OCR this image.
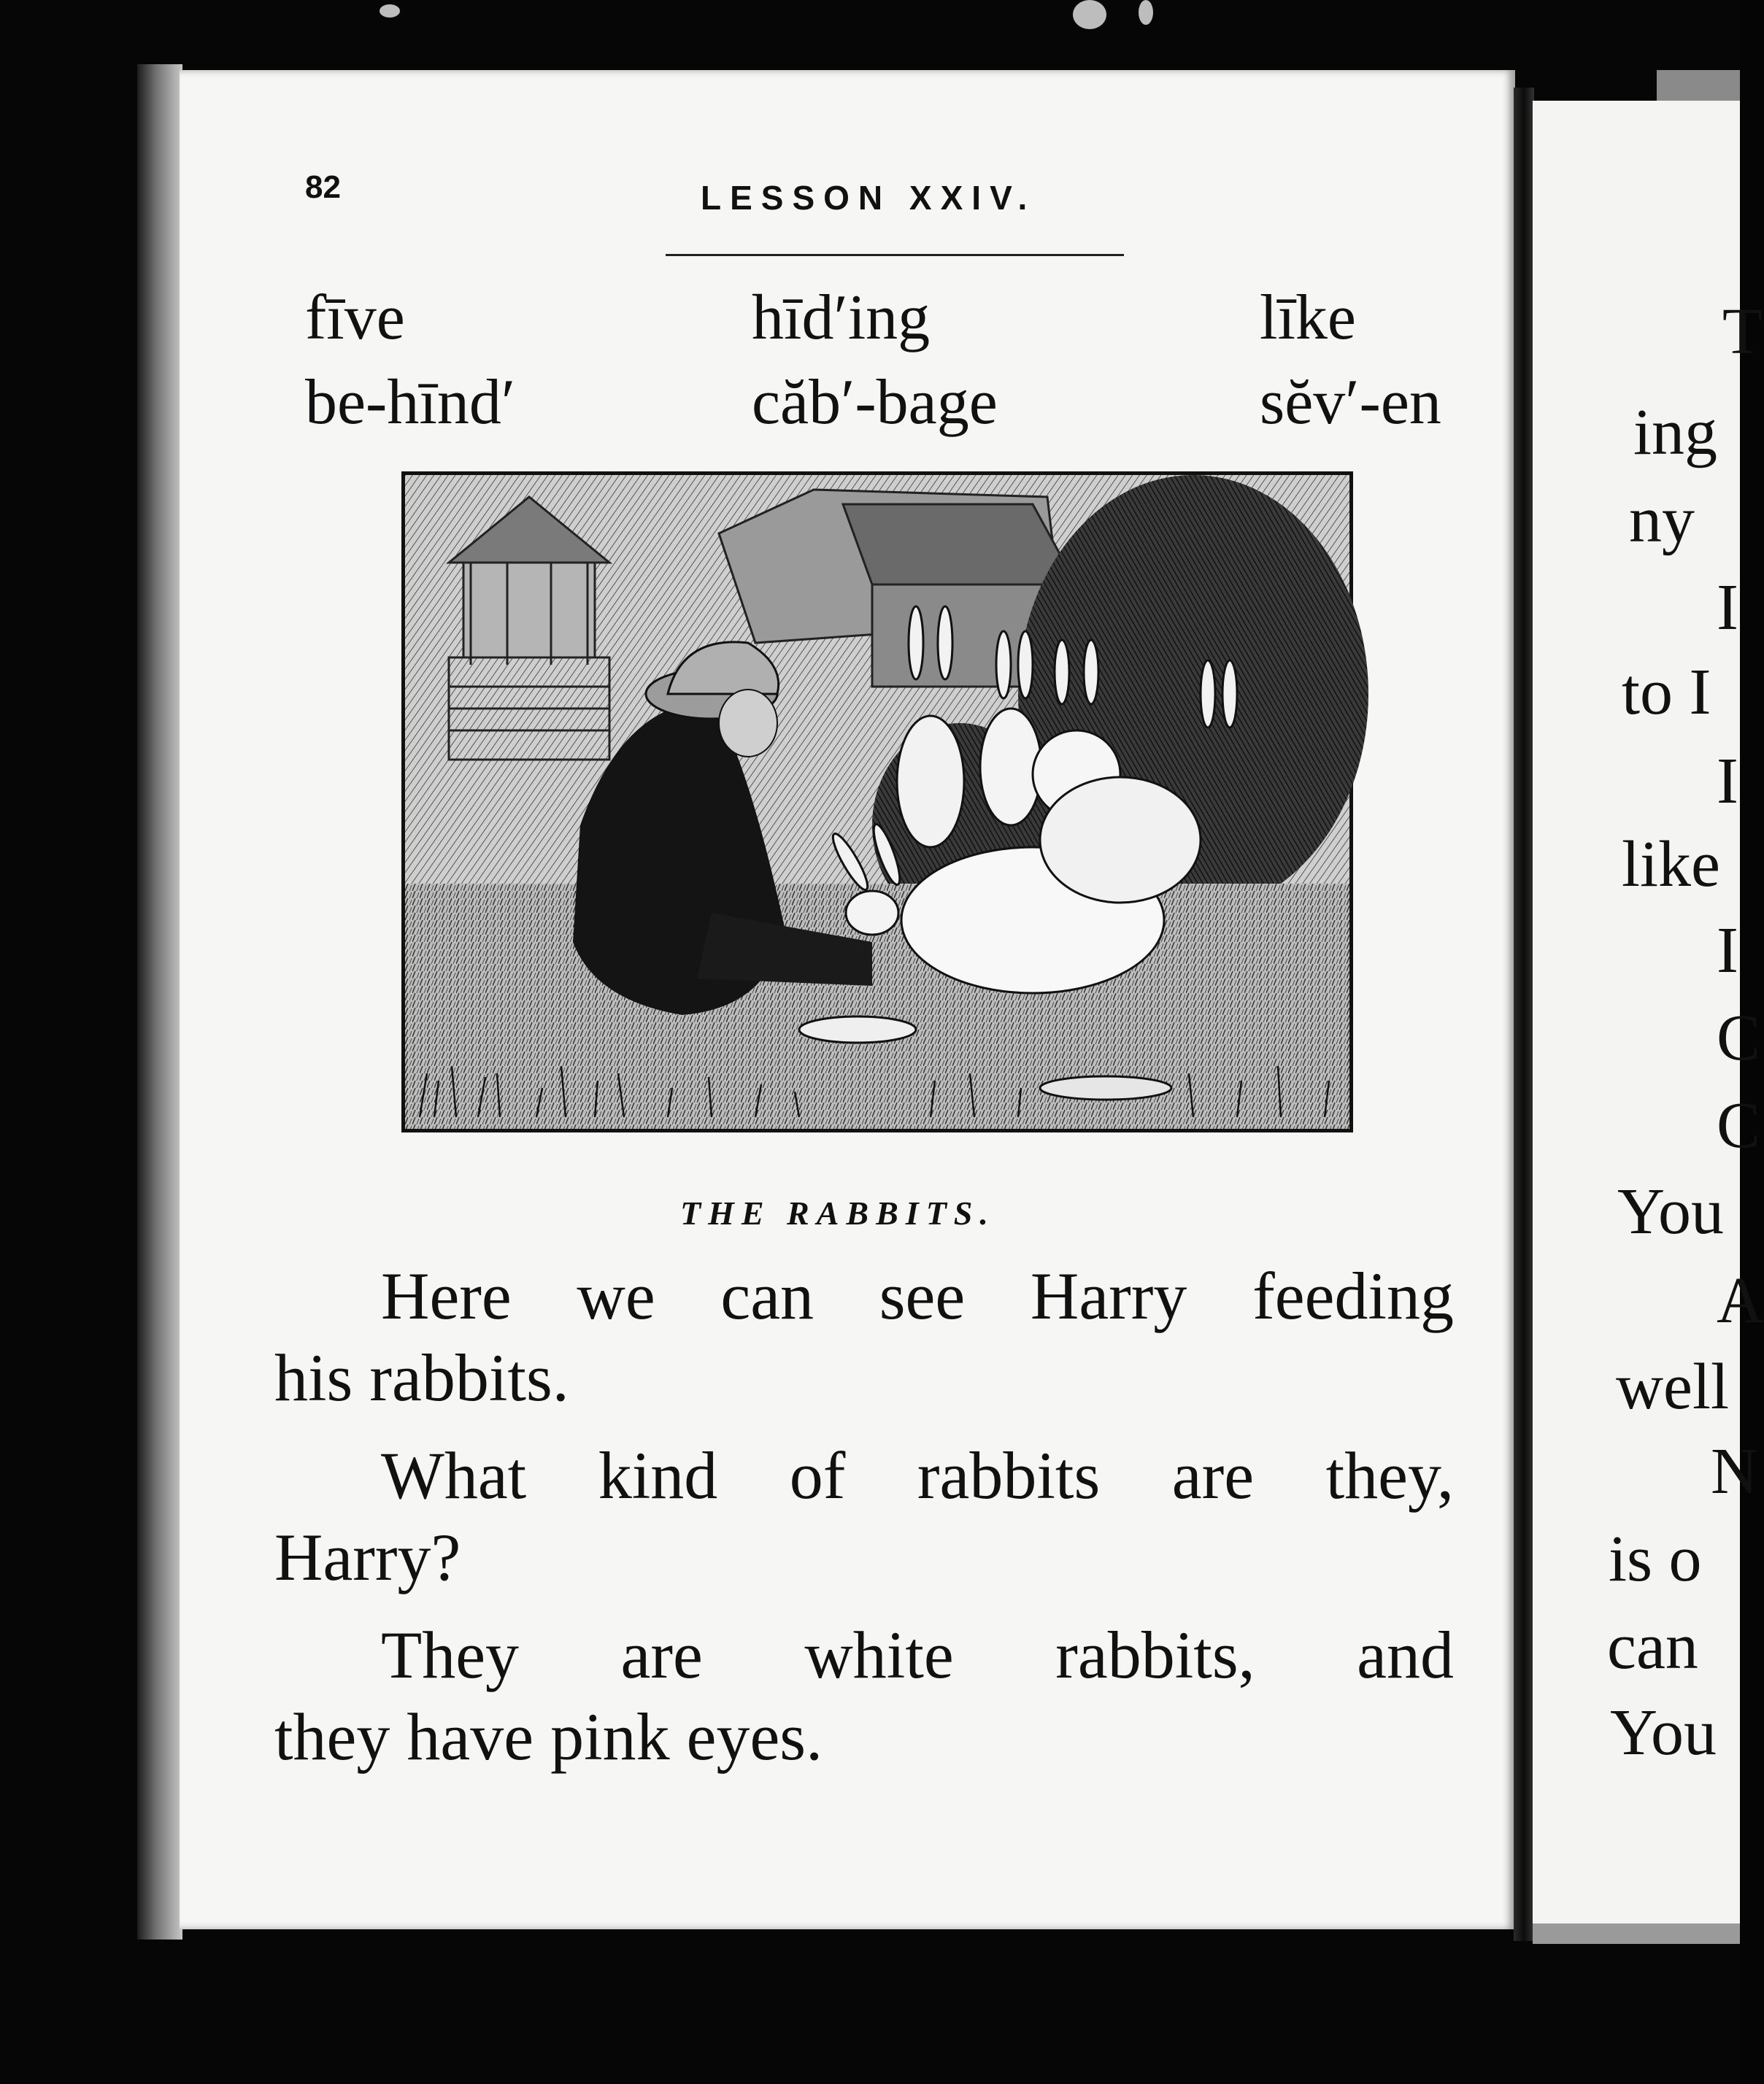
82	LESSON XXIV.
fīve	hīd′ing	līke
be-hīnd′	căb′-bage	sĕv′-en
THE RABBITS.
Here we can see Harry feeding
his rabbits.
What kind of rabbits are they,
Harry?
They are white rabbits, and
they have pink eyes.
T
ing
ny
I
to I
I
like
I
C
C
You
A
well
N
is o
can
You
